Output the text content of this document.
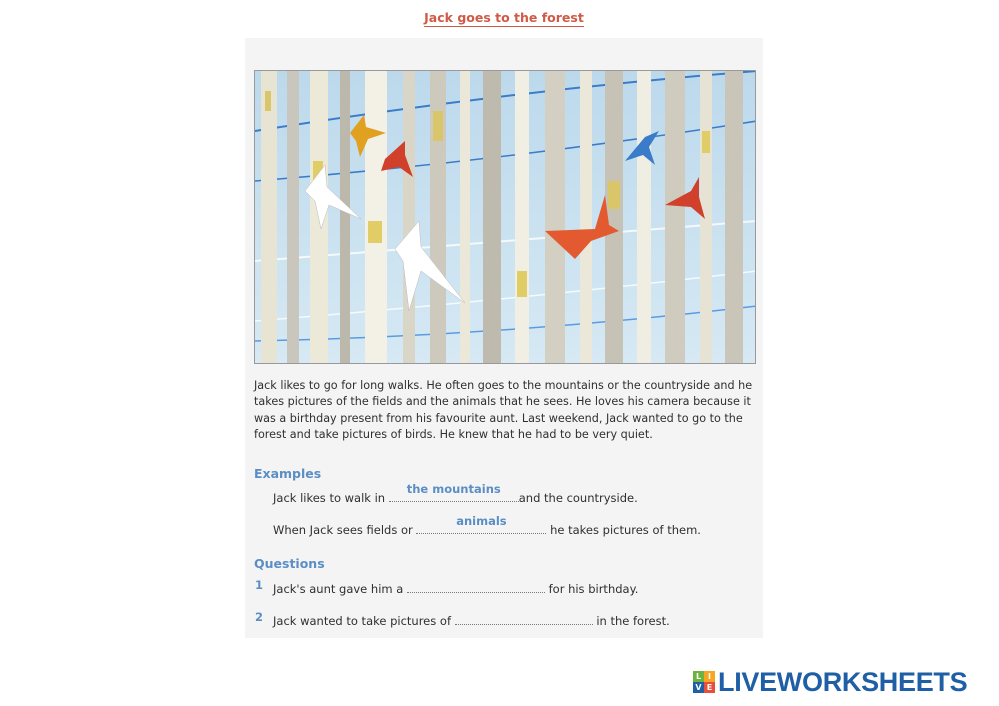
Jack goes to the forest
Jack likes to go for long walks. He often goes to the mountains or the countryside and he takes pictures of the fields and the animals that he sees. He loves his camera because it was a birthday present from his favourite aunt. Last weekend, Jack wanted to go to the forest and take pictures of birds. He knew that he had to be very quiet.
Examples
Jack likes to walk in
the mountains
and the countryside.
When Jack sees fields or
animals
he takes pictures of them.
Questions
1 Jack's aunt gave him a	for his birthday.
2 Jack wanted to take pictures of	in the forest.
L I
V E LIVEWORKSHEETS
